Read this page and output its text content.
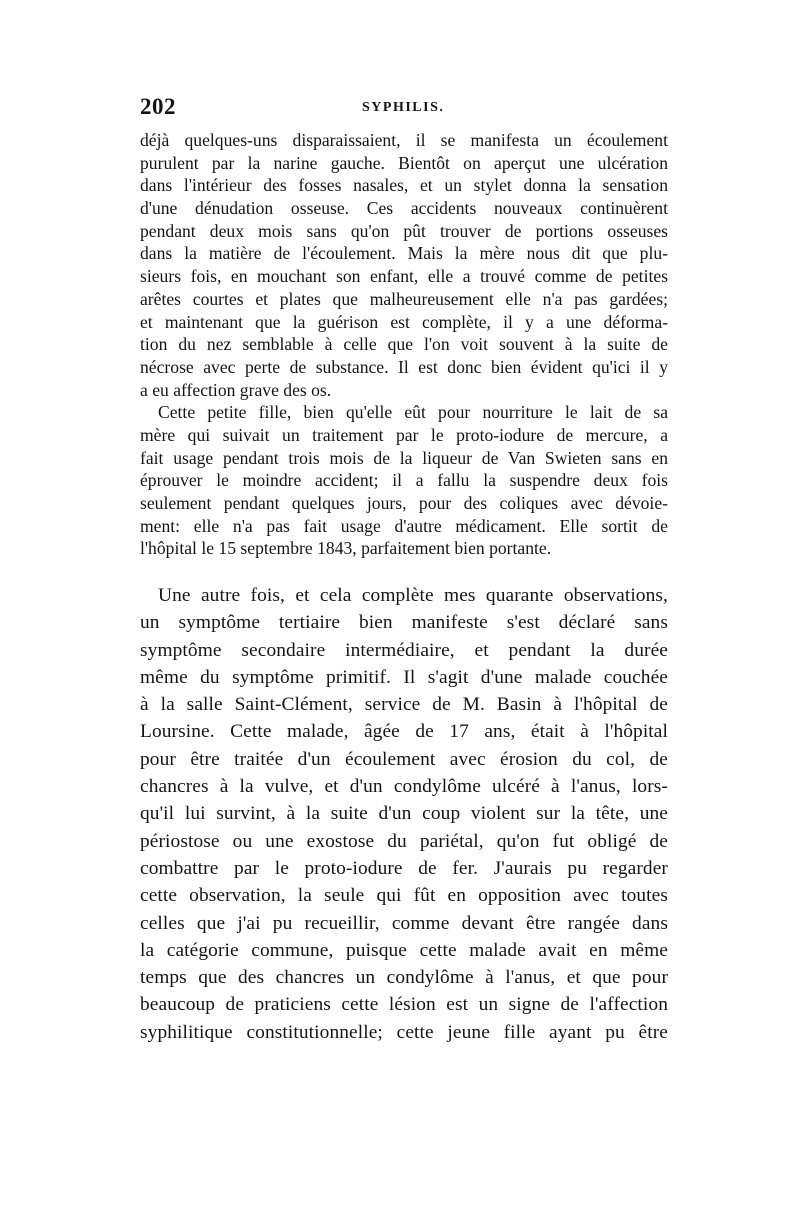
202	SYPHILIS.
déjà quelques-uns disparaissaient, il se manifesta un écoulement
purulent par la narine gauche. Bientôt on aperçut une ulcération
dans l'intérieur des fosses nasales, et un stylet donna la sensation
d'une dénudation osseuse. Ces accidents nouveaux continuèrent
pendant deux mois sans qu'on pût trouver de portions osseuses
dans la matière de l'écoulement. Mais la mère nous dit que plu-
sieurs fois, en mouchant son enfant, elle a trouvé comme de petites
arêtes courtes et plates que malheureusement elle n'a pas gardées;
et maintenant que la guérison est complète, il y a une déforma-
tion du nez semblable à celle que l'on voit souvent à la suite de
nécrose avec perte de substance. Il est donc bien évident qu'ici il y
a eu affection grave des os.
Cette petite fille, bien qu'elle eût pour nourriture le lait de sa
mère qui suivait un traitement par le proto-iodure de mercure, a
fait usage pendant trois mois de la liqueur de Van Swieten sans en
éprouver le moindre accident; il a fallu la suspendre deux fois
seulement pendant quelques jours, pour des coliques avec dévoie-
ment: elle n'a pas fait usage d'autre médicament. Elle sortit de
l'hôpital le 15 septembre 1843, parfaitement bien portante.
Une autre fois, et cela complète mes quarante observations,
un symptôme tertiaire bien manifeste s'est déclaré sans
symptôme secondaire intermédiaire, et pendant la durée
même du symptôme primitif. Il s'agit d'une malade couchée
à la salle Saint-Clément, service de M. Basin à l'hôpital de
Loursine. Cette malade, âgée de 17 ans, était à l'hôpital
pour être traitée d'un écoulement avec érosion du col, de
chancres à la vulve, et d'un condylôme ulcéré à l'anus, lors-
qu'il lui survint, à la suite d'un coup violent sur la tête, une
périostose ou une exostose du pariétal, qu'on fut obligé de
combattre par le proto-iodure de fer. J'aurais pu regarder
cette observation, la seule qui fût en opposition avec toutes
celles que j'ai pu recueillir, comme devant être rangée dans
la catégorie commune, puisque cette malade avait en même
temps que des chancres un condylôme à l'anus, et que pour
beaucoup de praticiens cette lésion est un signe de l'affection
syphilitique constitutionnelle; cette jeune fille ayant pu être
